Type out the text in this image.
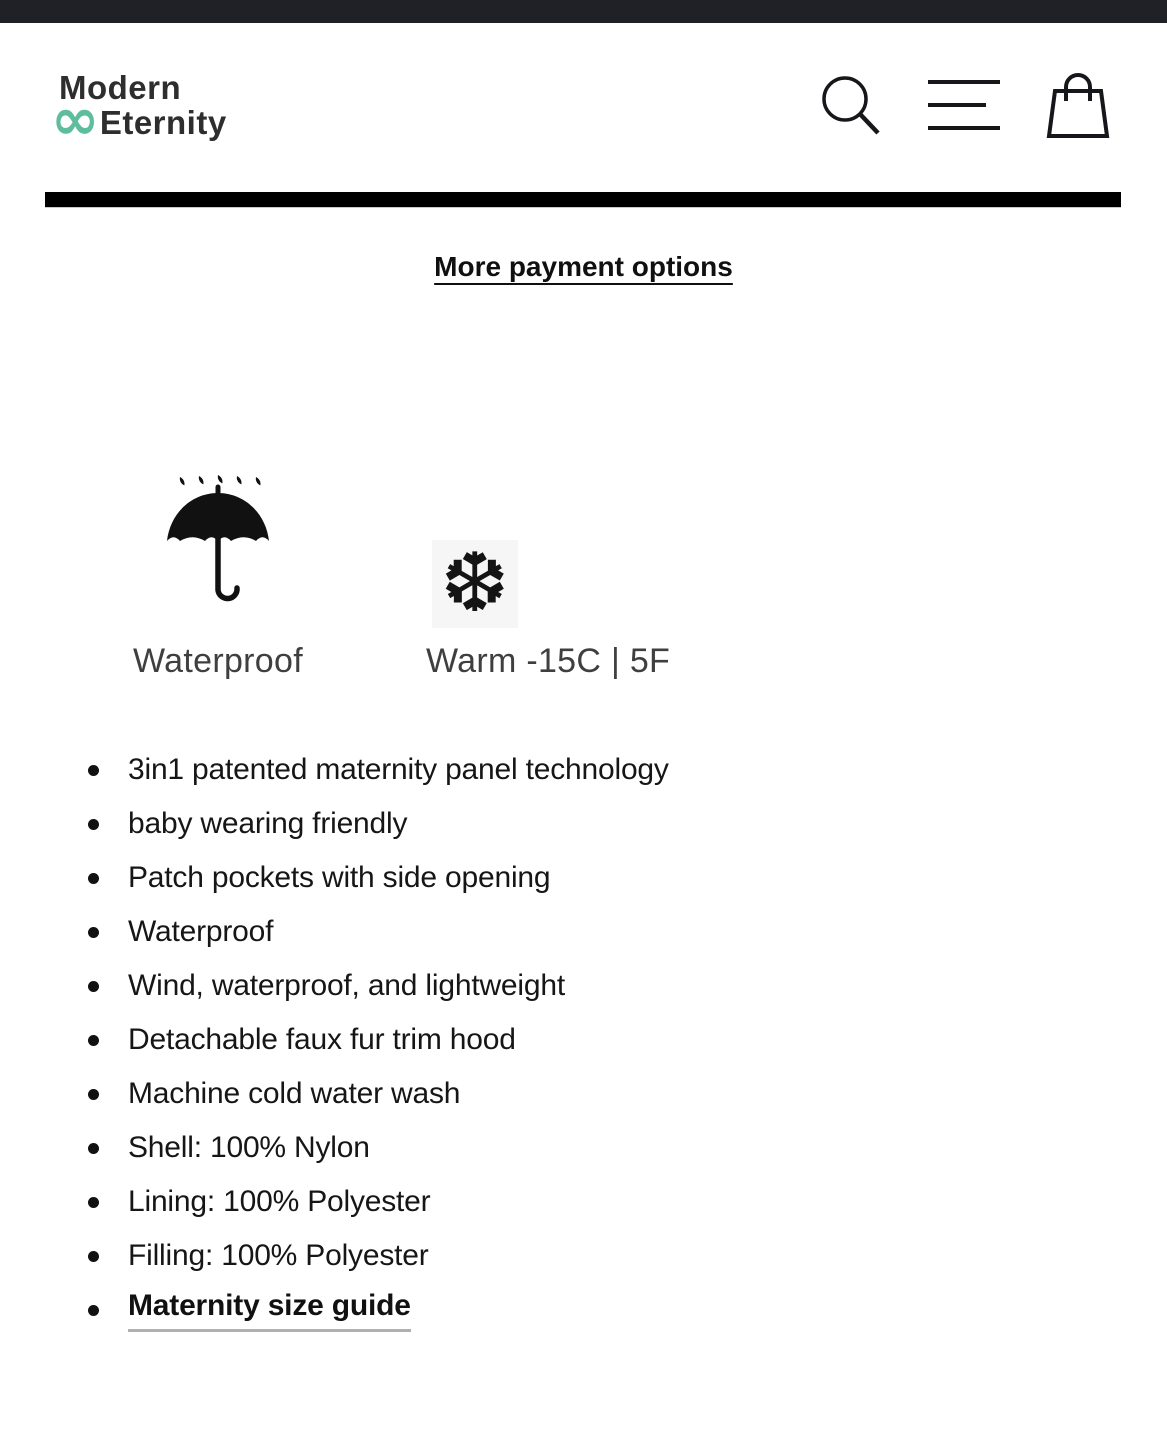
Modern
∞ Eternity
More payment options
Waterproof
❆
Warm -15C | 5F
3in1 patented maternity panel technology
baby wearing friendly
Patch pockets with side opening
Waterproof
Wind, waterproof, and lightweight
Detachable faux fur trim hood
Machine cold water wash
Shell: 100% Nylon
Lining: 100% Polyester
Filling: 100% Polyester
Maternity size guide
